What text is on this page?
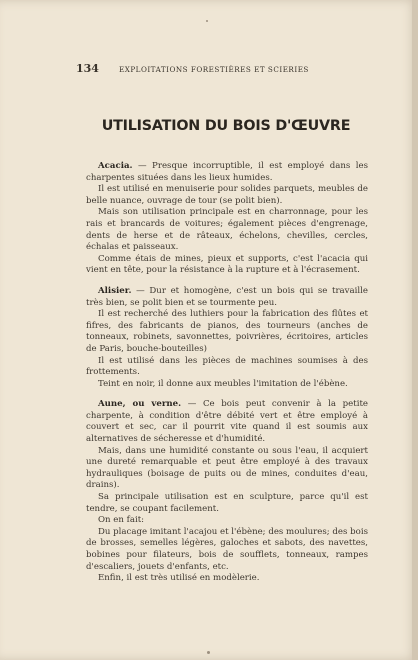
134	EXPLOITATIONS FORESTIÈRES ET SCIERIES
UTILISATION DU BOIS D'ŒUVRE

Acacia. — Presque incorruptible, il est employé dans les charpentes situées dans les lieux humides.

Il est utilisé en menuiserie pour solides parquets, meubles de belle nuance, ouvrage de tour (se polit bien).

Mais son utilisation principale est en charronnage, pour les rais et brancards de voitures; également pièces d'engrenage, dents de herse et de râteaux, échelons, chevilles, cercles, échalas et paisseaux.

Comme étais de mines, pieux et supports, c'est l'acacia qui vient en tête, pour la résistance à la rupture et à l'écrasement.

Alisier. — Dur et homogène, c'est un bois qui se travaille très bien, se polit bien et se tourmente peu.

Il est recherché des luthiers pour la fabrication des flûtes et fifres, des fabricants de pianos, des tourneurs (anches de tonneaux, robinets, savonnettes, poivrières, écritoires, articles de Paris, bouche-bouteilles)

Il est utilisé dans les pièces de machines soumises à des frottements.

Teint en noir, il donne aux meubles l'imitation de l'ébène.

Aune, ou verne. — Ce bois peut convenir à la petite charpente, à condition d'être débité vert et être employé à couvert et sec, car il pourrit vite quand il est soumis aux alternatives de sécheresse et d'humidité.

Mais, dans une humidité constante ou sous l'eau, il acquiert une dureté remarquable et peut être employé à des travaux hydrauliques (boisage de puits ou de mines, conduites d'eau, drains).

Sa principale utilisation est en sculpture, parce qu'il est tendre, se coupant facilement.

On en fait:

Du placage imitant l'acajou et l'ébène; des moulures; des bois de brosses, semelles légères, galoches et sabots, des navettes, bobines pour filateurs, bois de soufflets, tonneaux, rampes d'escaliers, jouets d'enfants, etc.

Enfin, il est très utilisé en modèlerie.
